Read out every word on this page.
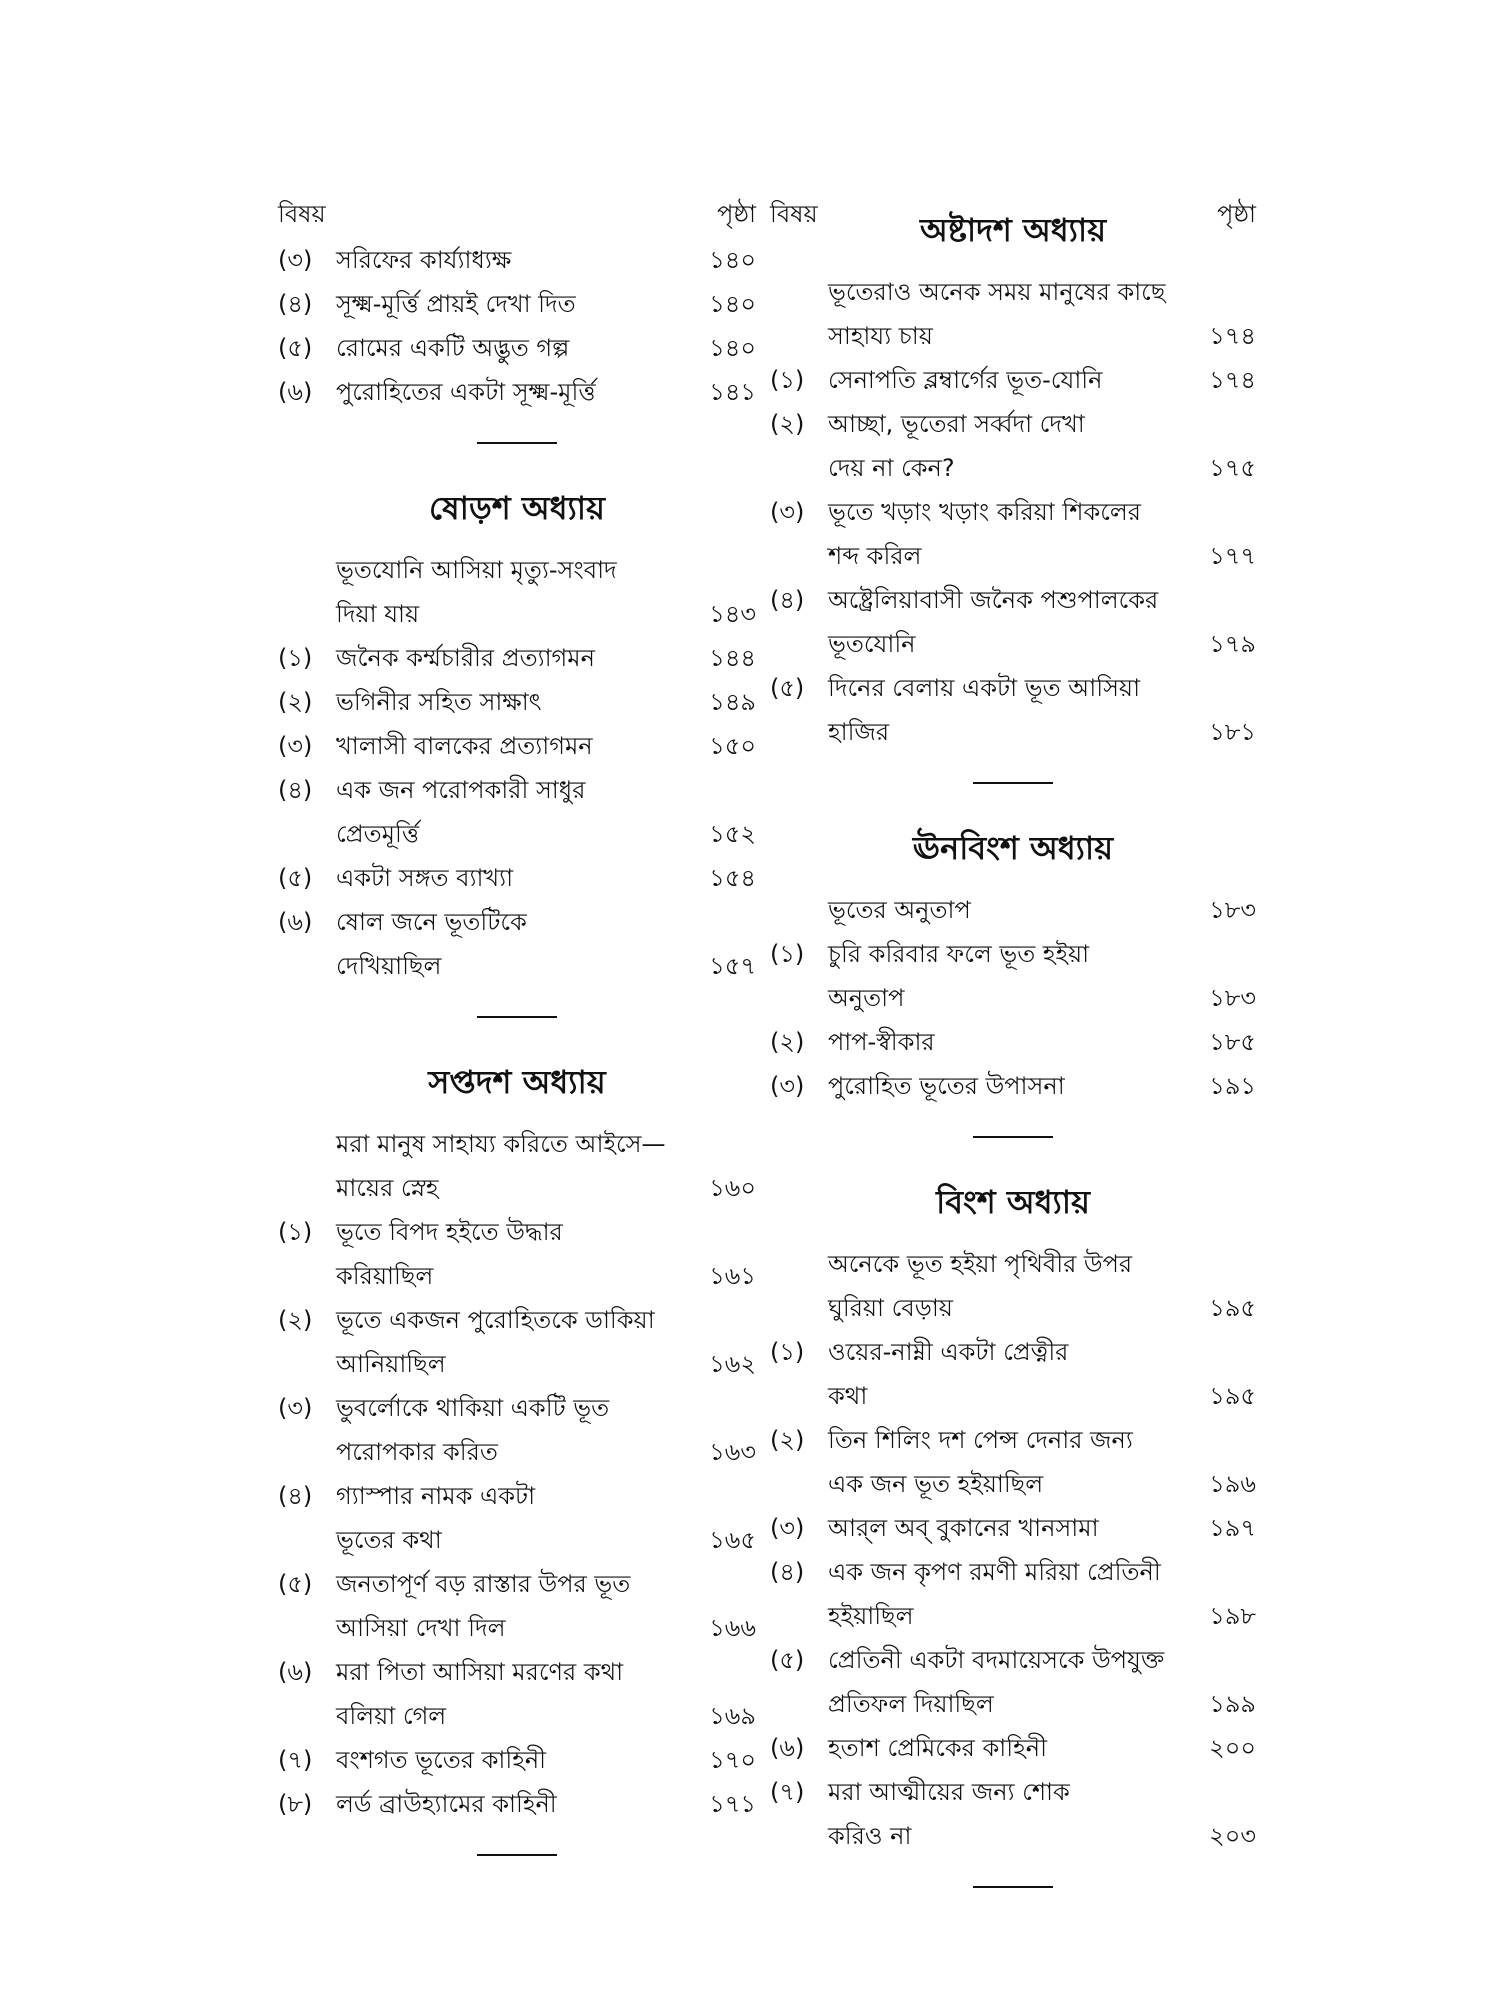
বিষয়	পৃষ্ঠা
(৩) সরিফের কার্য্যাধ্যক্ষ	১৪০
(৪) সূক্ষ্ম-মূর্ত্তি প্রায়ই দেখা দিত	১৪০
(৫) রোমের একটি অদ্ভুত গল্প	১৪০
(৬) পুরোহিতের একটা সূক্ষ্ম-মূর্ত্তি	১৪১
ষোড়শ অধ্যায়
ভূতযোনি আসিয়া মৃত্যু-সংবাদ
দিয়া যায়	১৪৩
(১) জনৈক কর্ম্মচারীর প্রত্যাগমন	১৪৪
(২) ভগিনীর সহিত সাক্ষাৎ	১৪৯
(৩) খালাসী বালকের প্রত্যাগমন	১৫০
(৪) এক জন পরোপকারী সাধুর
প্রেতমূর্ত্তি	১৫২
(৫) একটা সঙ্গত ব্যাখ্যা	১৫৪
(৬) ষোল জনে ভূতটিকে
দেখিয়াছিল	১৫৭
সপ্তদশ অধ্যায়
মরা মানুষ সাহায্য করিতে আইসে—
মায়ের স্নেহ	১৬০
(১) ভূতে বিপদ হইতে উদ্ধার
করিয়াছিল	১৬১
(২) ভূতে একজন পুরোহিতকে ডাকিয়া
আনিয়াছিল	১৬২
(৩) ভুবর্লোকে থাকিয়া একটি ভূত
পরোপকার করিত	১৬৩
(৪) গ্যাস্পার নামক একটা
ভূতের কথা	১৬৫
(৫) জনতাপূর্ণ বড় রাস্তার উপর ভূত
আসিয়া দেখা দিল	১৬৬
(৬) মরা পিতা আসিয়া মরণের কথা
বলিয়া গেল	১৬৯
(৭) বংশগত ভূতের কাহিনী	১৭০
(৮) লর্ড ব্রাউহ্যামের কাহিনী	১৭১
বিষয়	পৃষ্ঠা
অষ্টাদশ অধ্যায়
ভূতেরাও অনেক সময় মানুষের কাছে
সাহায্য চায়	১৭৪
(১) সেনাপতি ব্লম্বার্গের ভূত-যোনি	১৭৪
(২) আচ্ছা, ভূতেরা সর্ব্বদা দেখা
দেয় না কেন?	১৭৫
(৩) ভূতে খড়াং খড়াং করিয়া শিকলের
শব্দ করিল	১৭৭
(৪) অষ্ট্রেলিয়াবাসী জনৈক পশুপালকের
ভূতযোনি	১৭৯
(৫) দিনের বেলায় একটা ভূত আসিয়া
হাজির	১৮১
ঊনবিংশ অধ্যায়
ভূতের অনুতাপ	১৮৩
(১) চুরি করিবার ফলে ভূত হইয়া
অনুতাপ	১৮৩
(২) পাপ-স্বীকার	১৮৫
(৩) পুরোহিত ভূতের উপাসনা	১৯১
বিংশ অধ্যায়
অনেকে ভূত হইয়া পৃথিবীর উপর
ঘুরিয়া বেড়ায়	১৯৫
(১) ওয়ের-নাম্নী একটা প্রেত্নীর
কথা	১৯৫
(২) তিন শিলিং দশ পেন্স দেনার জন্য
এক জন ভূত হইয়াছিল	১৯৬
(৩) আর্‌ল অব্‌ বুকানের খানসামা	১৯৭
(৪) এক জন কৃপণ রমণী মরিয়া প্রেতিনী
হইয়াছিল	১৯৮
(৫) প্রেতিনী একটা বদমায়েসকে উপযুক্ত
প্রতিফল দিয়াছিল	১৯৯
(৬) হতাশ প্রেমিকের কাহিনী	২০০
(৭) মরা আত্মীয়ের জন্য শোক
করিও না	২০৩
